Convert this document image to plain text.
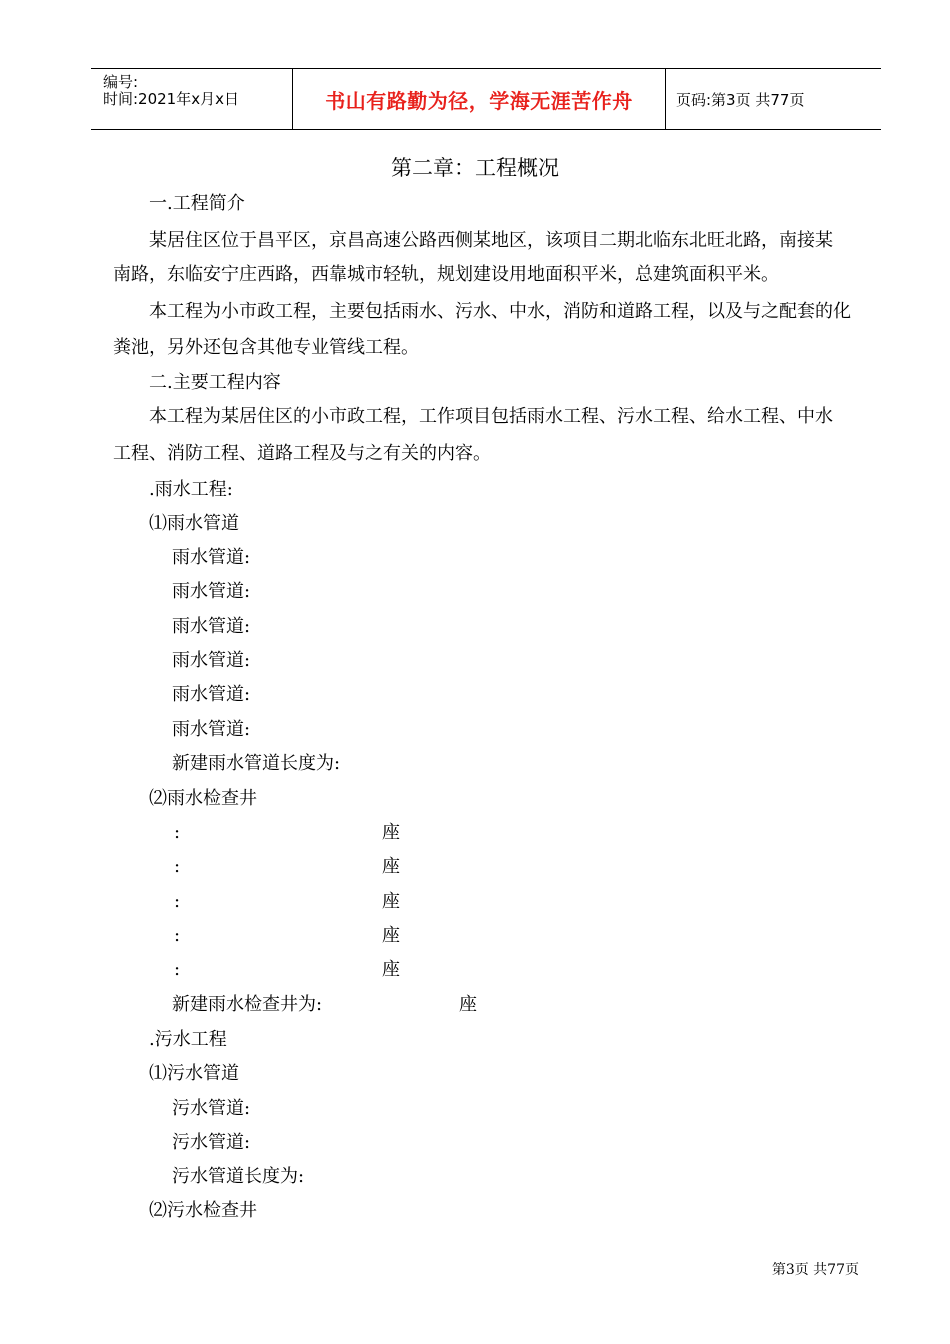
编号:
时间:2021年x月x日	书山有路勤为径，学海无涯苦作舟	页码:第3页 共77页
第二章：工程概况
一.工程简介
某居住区位于昌平区，京昌高速公路西侧某地区，该项目二期北临东北旺北路，南接某
南路，东临安宁庄西路，西靠城市轻轨，规划建设用地面积平米，总建筑面积平米。
本工程为小市政工程，主要包括雨水、污水、中水，消防和道路工程，以及与之配套的化
粪池，另外还包含其他专业管线工程。
二.主要工程内容
本工程为某居住区的小市政工程，工作项目包括雨水工程、污水工程、给水工程、中水
工程、消防工程、道路工程及与之有关的内容。
.雨水工程:
⑴雨水管道
雨水管道:
雨水管道:
雨水管道:
雨水管道:
雨水管道:
雨水管道:
新建雨水管道长度为:
⑵雨水检查井
:	座
:	座
:	座
:	座
:	座
新建雨水检查井为:	座
.污水工程
⑴污水管道
污水管道:
污水管道:
污水管道长度为:
⑵污水检查井
第3页 共77页
